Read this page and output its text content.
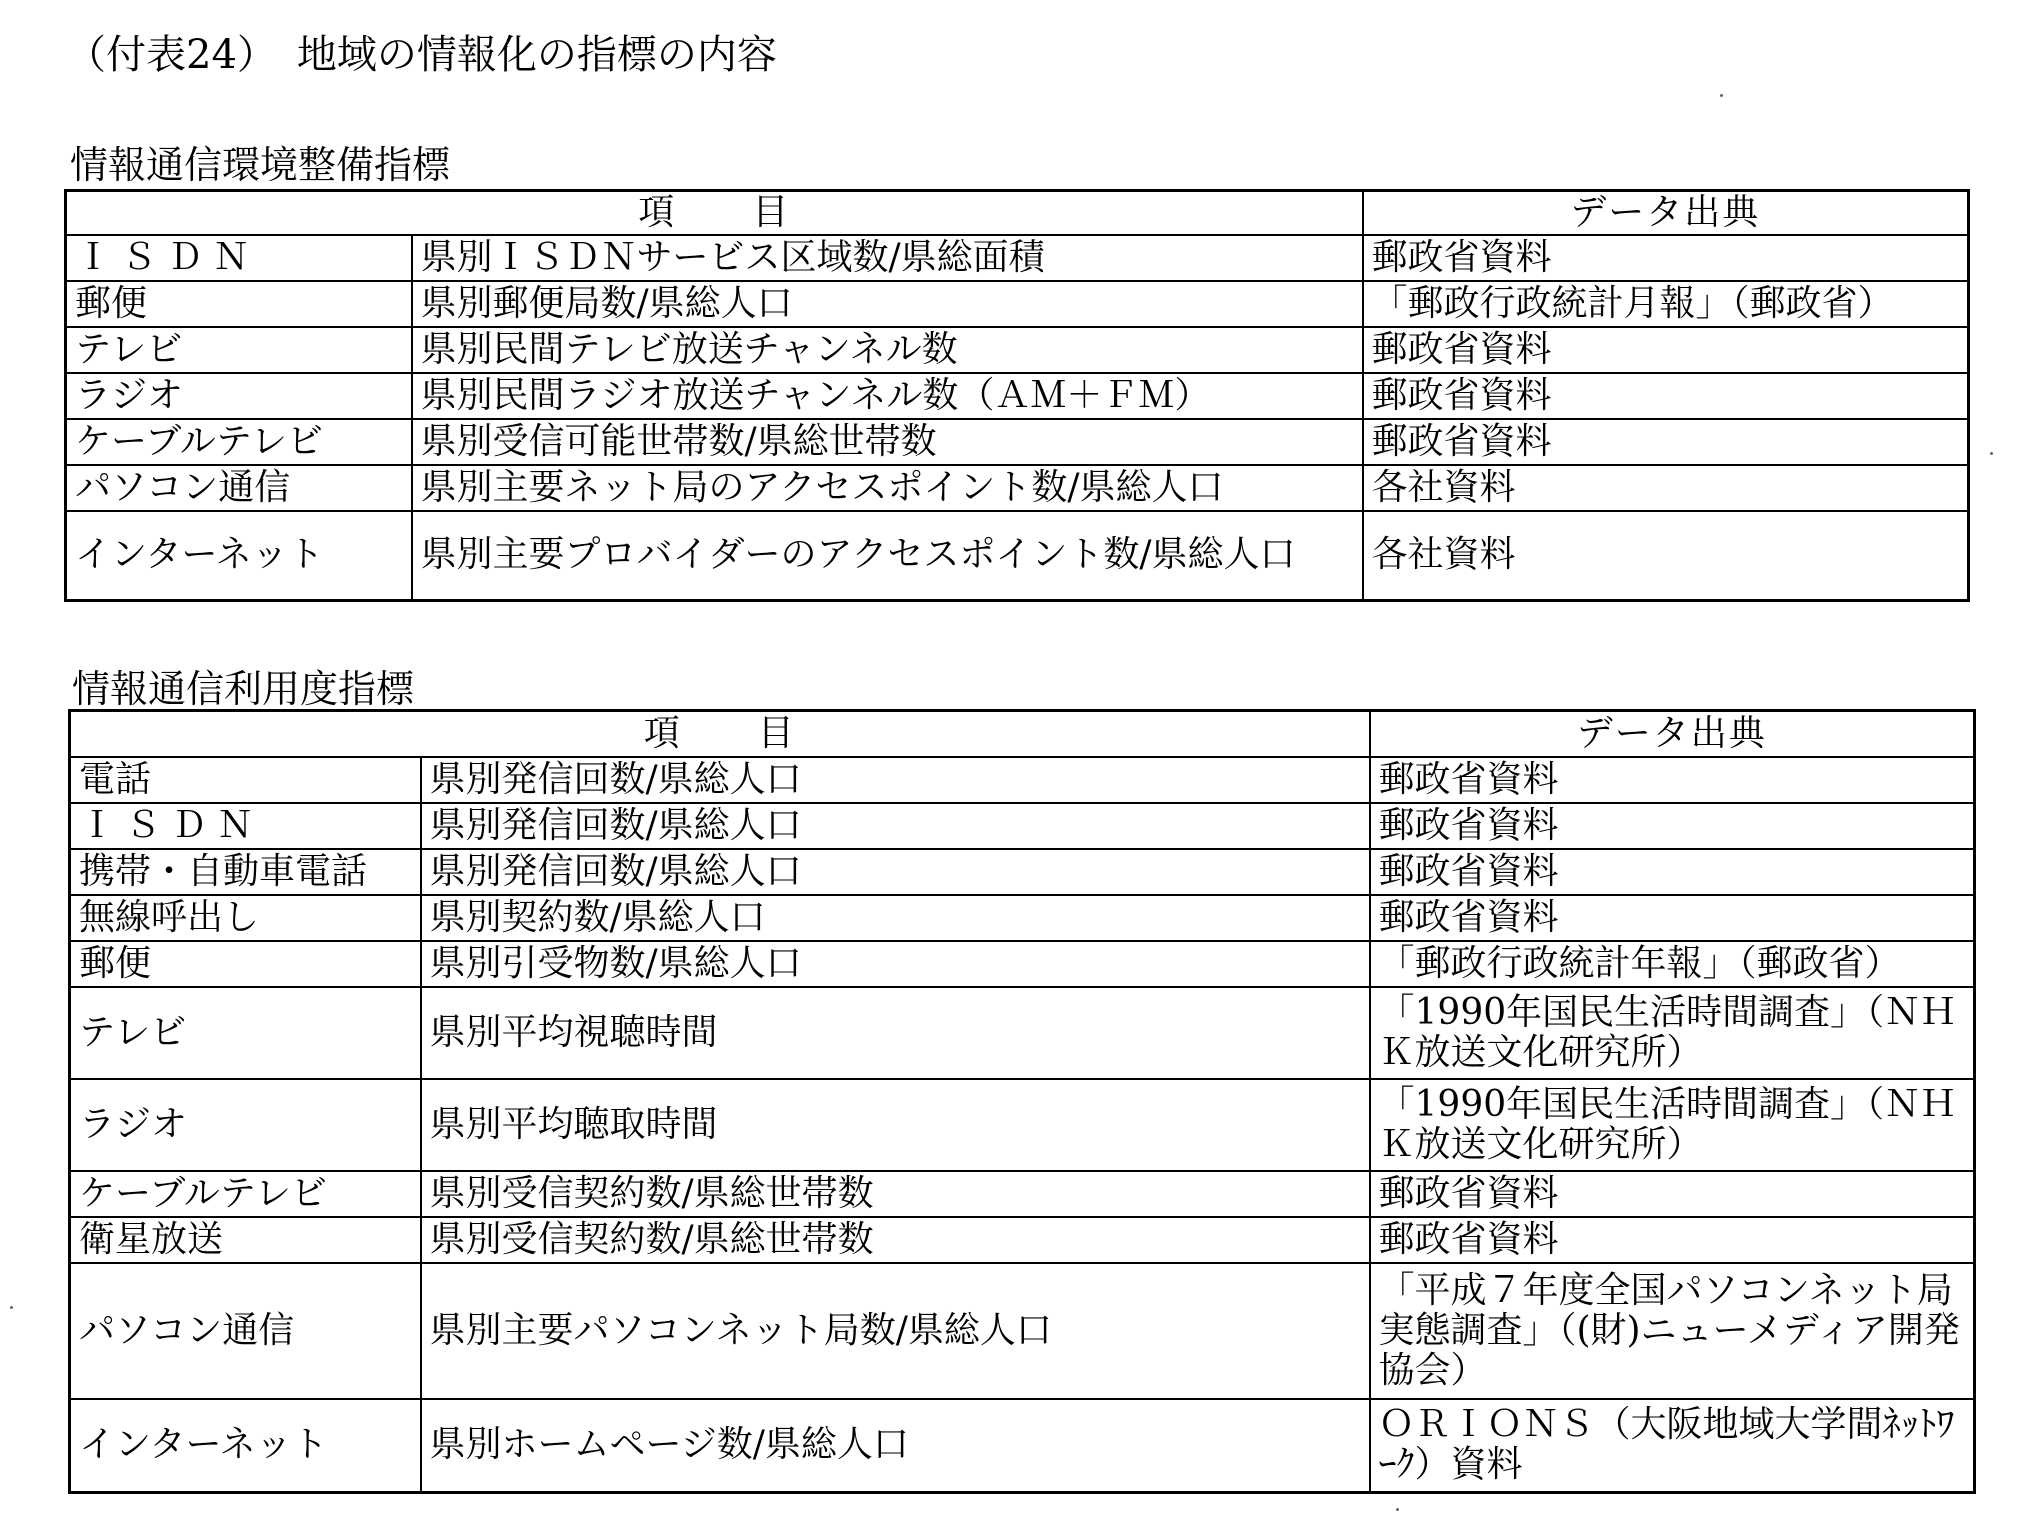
（付表24）　地域の情報化の指標の内容
情報通信環境整備指標
項　　目		データ出典
ＩＳＤＮ	県別ＩＳＤＮサービス区域数/県総面積	郵政省資料
郵便	県別郵便局数/県総人口	「郵政行政統計月報」（郵政省）
テレビ	県別民間テレビ放送チャンネル数	郵政省資料
ラジオ	県別民間ラジオ放送チャンネル数（ＡＭ＋ＦＭ）	郵政省資料
ケーブルテレビ	県別受信可能世帯数/県総世帯数	郵政省資料
パソコン通信	県別主要ネット局のアクセスポイント数/県総人口	各社資料
インターネット	県別主要プロバイダーのアクセスポイント数/県総人口	各社資料
情報通信利用度指標
項　　目		データ出典
電話	県別発信回数/県総人口	郵政省資料
ＩＳＤＮ	県別発信回数/県総人口	郵政省資料
携帯・自動車電話	県別発信回数/県総人口	郵政省資料
無線呼出し	県別契約数/県総人口	郵政省資料
郵便	県別引受物数/県総人口	「郵政行政統計年報」（郵政省）
テレビ	県別平均視聴時間	「1990年国民生活時間調査」（ＮＨＫ放送文化研究所）
ラジオ	県別平均聴取時間	「1990年国民生活時間調査」（ＮＨＫ放送文化研究所）
ケーブルテレビ	県別受信契約数/県総世帯数	郵政省資料
衛星放送	県別受信契約数/県総世帯数	郵政省資料
パソコン通信	県別主要パソコンネット局数/県総人口	「平成７年度全国パソコンネット局実態調査」（(財)ニューメディア開発協会）
インターネット	県別ホームページ数/県総人口	ＯＲＩＯＮＳ（大阪地域大学間ﾈｯﾄﾜｰｸ）資料
